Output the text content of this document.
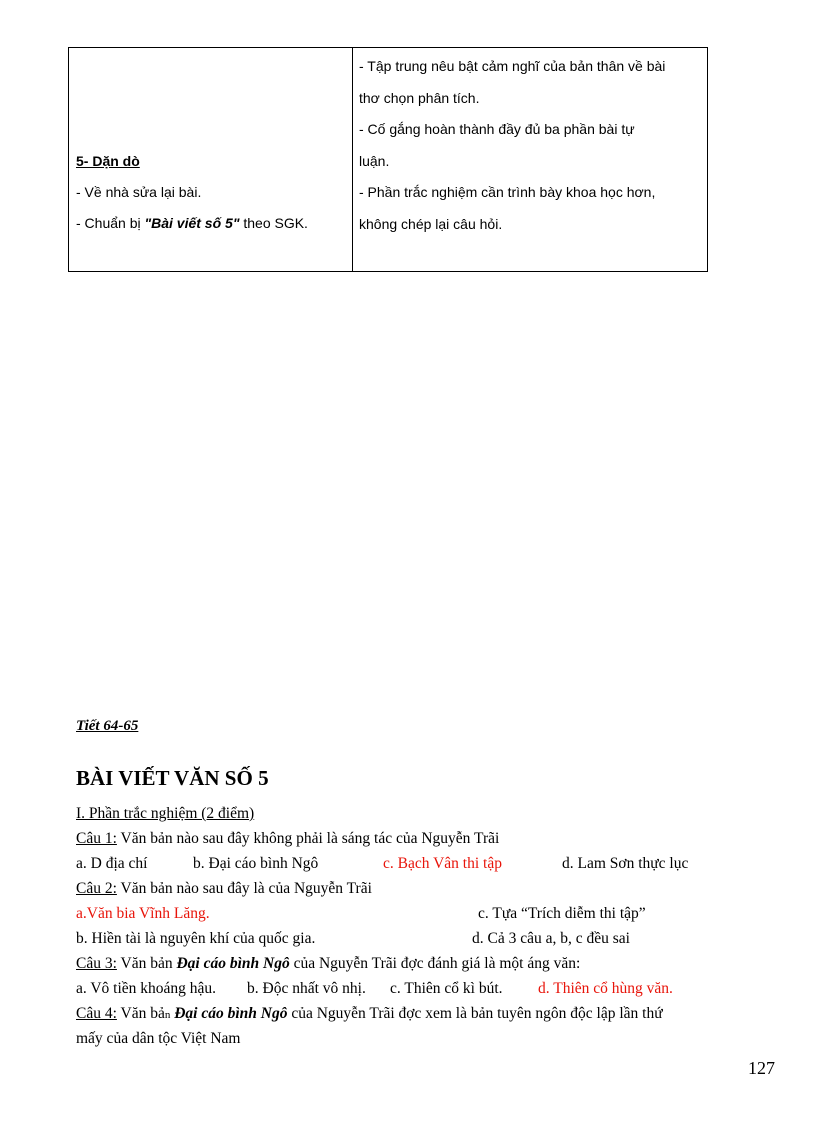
5- Dặn dò
- Về nhà sửa lại bài.
- Chuẩn bị "Bài viết số 5" theo SGK.
- Tập trung nêu bật cảm nghĩ của bản thân về bài
thơ chọn phân tích.
- Cố gắng hoàn thành đầy đủ ba phần bài tự
luận.
- Phần trắc nghiệm cần trình bày khoa học hơn,
không chép lại câu hỏi.
Tiết 64-65
BÀI VIẾT VĂN SỐ 5
I. Phần trắc nghiệm (2 điểm)
Câu 1: Văn bản nào sau đây không phải là sáng tác của Nguyễn Trãi
a. D địa chí	b. Đại cáo bình Ngô	c. Bạch Vân thi tập	d. Lam Sơn thực lục
Câu 2: Văn bản nào sau đây là của Nguyễn Trãi
a.Văn bia Vĩnh Lăng.	c. Tựa “Trích diễm thi tập”
b. Hiền tài là nguyên khí của quốc gia.	d. Cả 3 câu a, b, c đều sai
Câu 3: Văn bản Đại cáo bình Ngô của Nguyễn Trãi đợc đánh giá là một áng văn:
a. Vô tiền khoáng hậu. b. Độc nhất vô nhị. c. Thiên cổ kì bút. d. Thiên cổ hùng văn.
Câu 4: Văn bản Đại cáo bình Ngô của Nguyễn Trãi đợc xem là bản tuyên ngôn độc lập lần thứ
mấy của dân tộc Việt Nam
127
